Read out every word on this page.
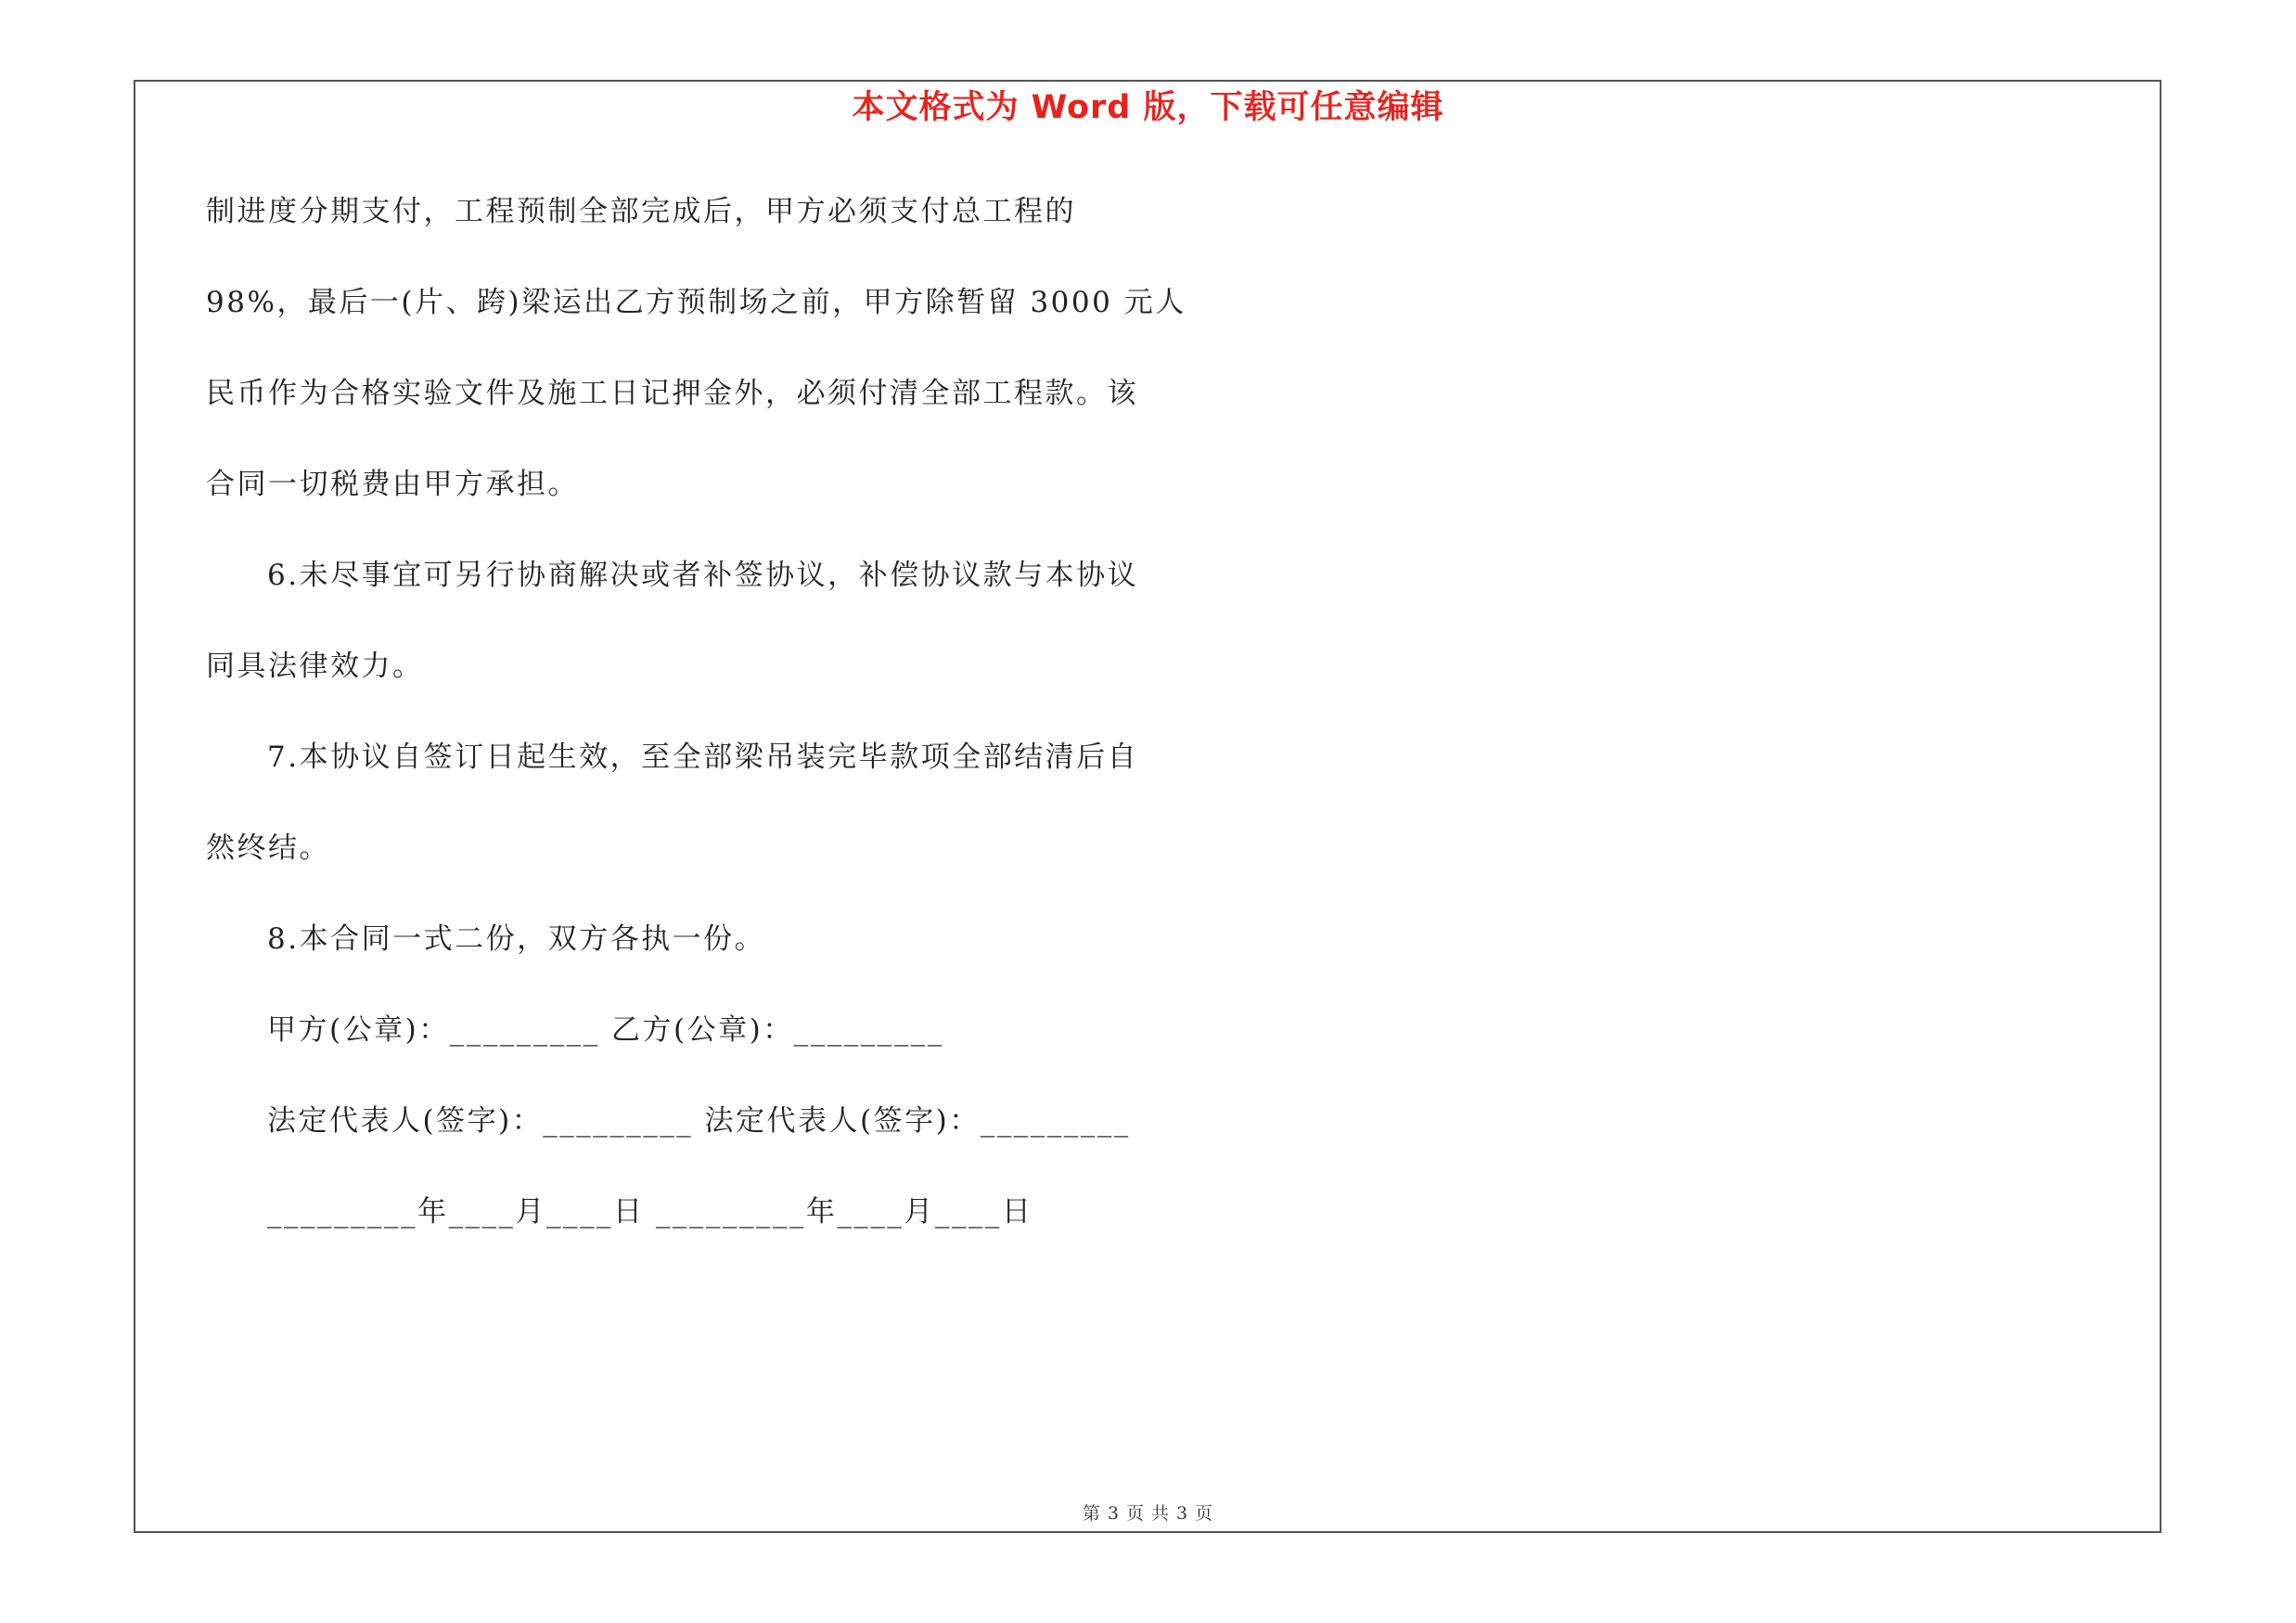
本文格式为 Word 版，下载可任意编辑
制进度分期支付，工程预制全部完成后，甲方必须支付总工程的
98%，最后一(片、跨)梁运出乙方预制场之前，甲方除暂留 3000 元人
民币作为合格实验文件及施工日记押金外，必须付清全部工程款。该
合同一切税费由甲方承担。
6.未尽事宜可另行协商解决或者补签协议，补偿协议款与本协议
同具法律效力。
7.本协议自签订日起生效，至全部梁吊装完毕款项全部结清后自
然终结。
8.本合同一式二份，双方各执一份。
甲方(公章)：_________ 乙方(公章)：_________
法定代表人(签字)：_________ 法定代表人(签字)：_________
_________年____月____日 _________年____月____日
第 3 页 共 3 页
